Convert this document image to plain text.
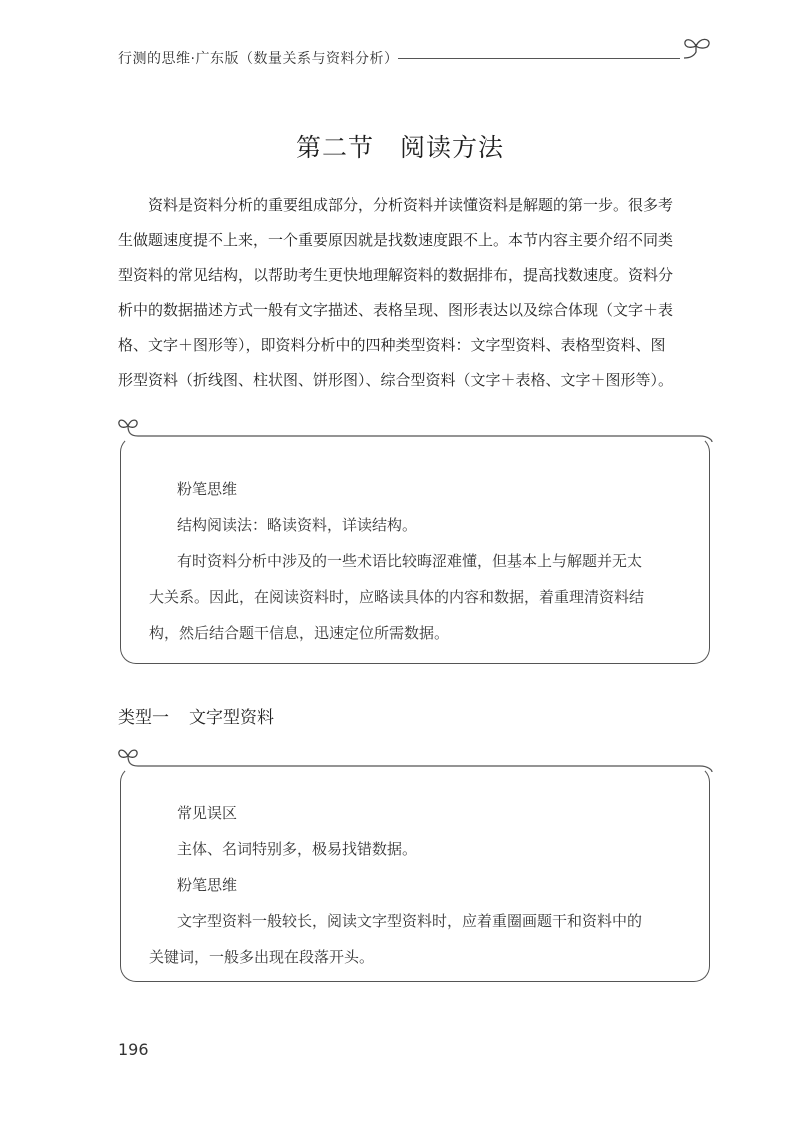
行测的思维·广东版（数量关系与资料分析）
第二节 阅读方法
资料是资料分析的重要组成部分，分析资料并读懂资料是解题的第一步。很多考
生做题速度提不上来，一个重要原因就是找数速度跟不上。本节内容主要介绍不同类
型资料的常见结构，以帮助考生更快地理解资料的数据排布，提高找数速度。资料分
析中的数据描述方式一般有文字描述、表格呈现、图形表达以及综合体现（文字＋表
格、文字＋图形等），即资料分析中的四种类型资料：文字型资料、表格型资料、图
形型资料（折线图、柱状图、饼形图）、综合型资料（文字＋表格、文字＋图形等）。
粉笔思维
结构阅读法：略读资料，详读结构。
有时资料分析中涉及的一些术语比较晦涩难懂，但基本上与解题并无太
大关系。因此，在阅读资料时，应略读具体的内容和数据，着重理清资料结
构，然后结合题干信息，迅速定位所需数据。
类型一 文字型资料
常见误区
主体、名词特别多，极易找错数据。
粉笔思维
文字型资料一般较长，阅读文字型资料时，应着重圈画题干和资料中的
关键词，一般多出现在段落开头。
196
